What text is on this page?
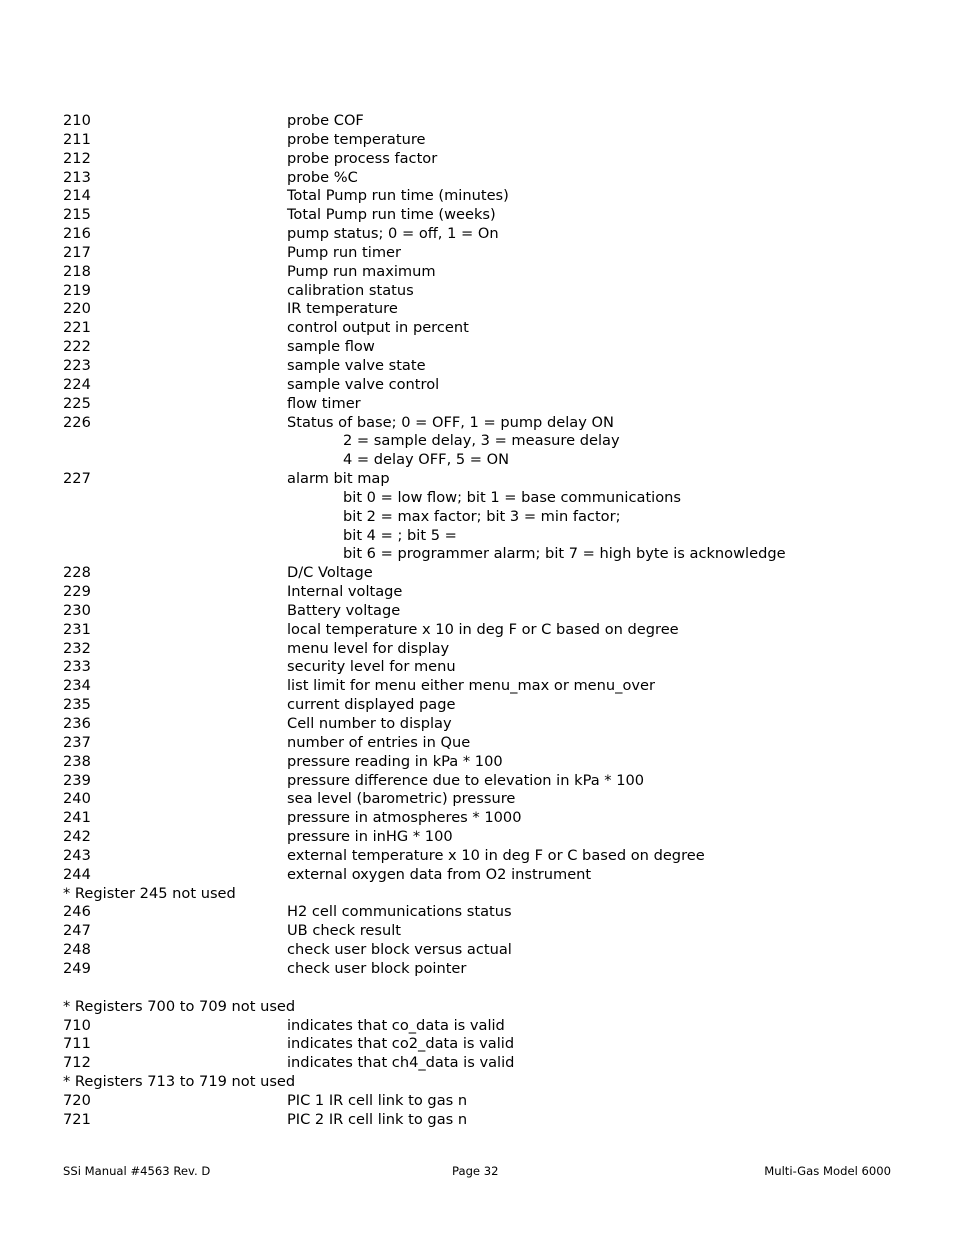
210	probe COF
211	probe temperature
212	probe process factor
213	probe %C
214	Total Pump run time (minutes)
215	Total Pump run time (weeks)
216	pump status; 0 = off, 1 = On
217	Pump run timer
218	Pump run maximum
219	calibration status
220	IR temperature
221	control output in percent
222	sample flow
223	sample valve state
224	sample valve control
225	flow timer
226	Status of base; 0 = OFF, 1 = pump delay ON
2 = sample delay, 3 = measure delay
4 = delay OFF, 5 = ON
227	alarm bit map
bit 0 = low flow; bit 1 = base communications
bit 2 = max factor; bit 3 = min factor;
bit 4 = ; bit 5 =
bit 6 = programmer alarm; bit 7 = high byte is acknowledge
228	D/C Voltage
229	Internal voltage
230	Battery voltage
231	local temperature x 10 in deg F or C based on degree
232	menu level for display
233	security level for menu
234	list limit for menu either menu_max or menu_over
235	current displayed page
236	Cell number to display
237	number of entries in Que
238	pressure reading in kPa * 100
239	pressure difference due to elevation in kPa * 100
240	sea level (barometric) pressure
241	pressure in atmospheres * 1000
242	pressure in inHG * 100
243	external temperature x 10 in deg F or C based on degree
244	external oxygen data from O2 instrument
* Register 245 not used
246	H2 cell communications status
247	UB check result
248	check user block versus actual
249	check user block pointer
* Registers 700 to 709 not used
710	indicates that co_data is valid
711	indicates that co2_data is valid
712	indicates that ch4_data is valid
* Registers 713 to 719 not used
720	PIC 1 IR cell link to gas n
721	PIC 2 IR cell link to gas n
SSi Manual #4563 Rev. D	Page 32	Multi-Gas Model 6000
